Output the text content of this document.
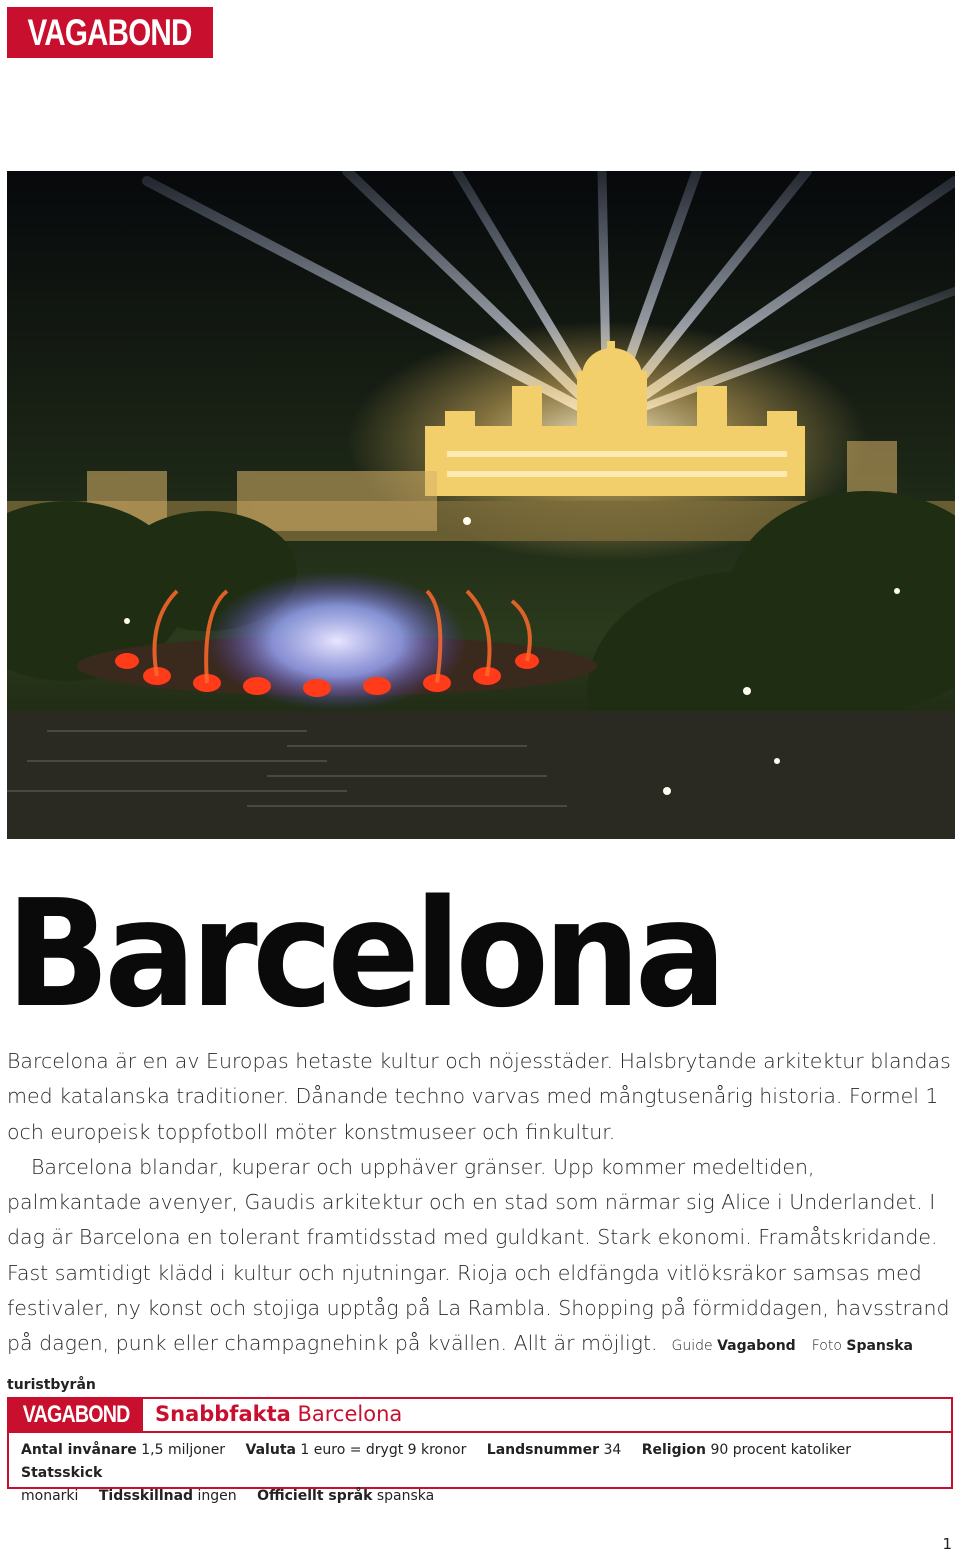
VAGABOND
Barcelona

Barcelona är en av Europas hetaste kultur och nöjesstäder. Halsbrytande arkitektur blandas med katalanska traditioner. Dånande techno varvas med mångtusenårig historia. Formel 1 och europeisk toppfotboll möter konstmuseer och finkultur.

Barcelona blandar, kuperar och upphäver gränser. Upp kommer medeltiden, palmkantade avenyer, Gaudis arkitektur och en stad som närmar sig Alice i Underlandet. I dag är Barcelona en tolerant framtidsstad med guldkant. Stark ekonomi. Framåtskridande. Fast samtidigt klädd i kultur och njutningar. Rioja och eldfängda vitlöksräkor samsas med festivaler, ny konst och stojiga upptåg på La Rambla. Shopping på förmiddagen, havsstrand på dagen, punk eller champagnehink på kvällen. Allt är möjligt. Guide Vagabond Foto Spanska turistbyrån

VAGABOND Snabbfakta Barcelona
Antal invånare 1,5 miljoner Valuta 1 euro = drygt 9 kronor Landsnummer 34 Religion 90 procent katoliker Statsskick
monarki Tidsskillnad ingen Officiellt språk spanska
1
